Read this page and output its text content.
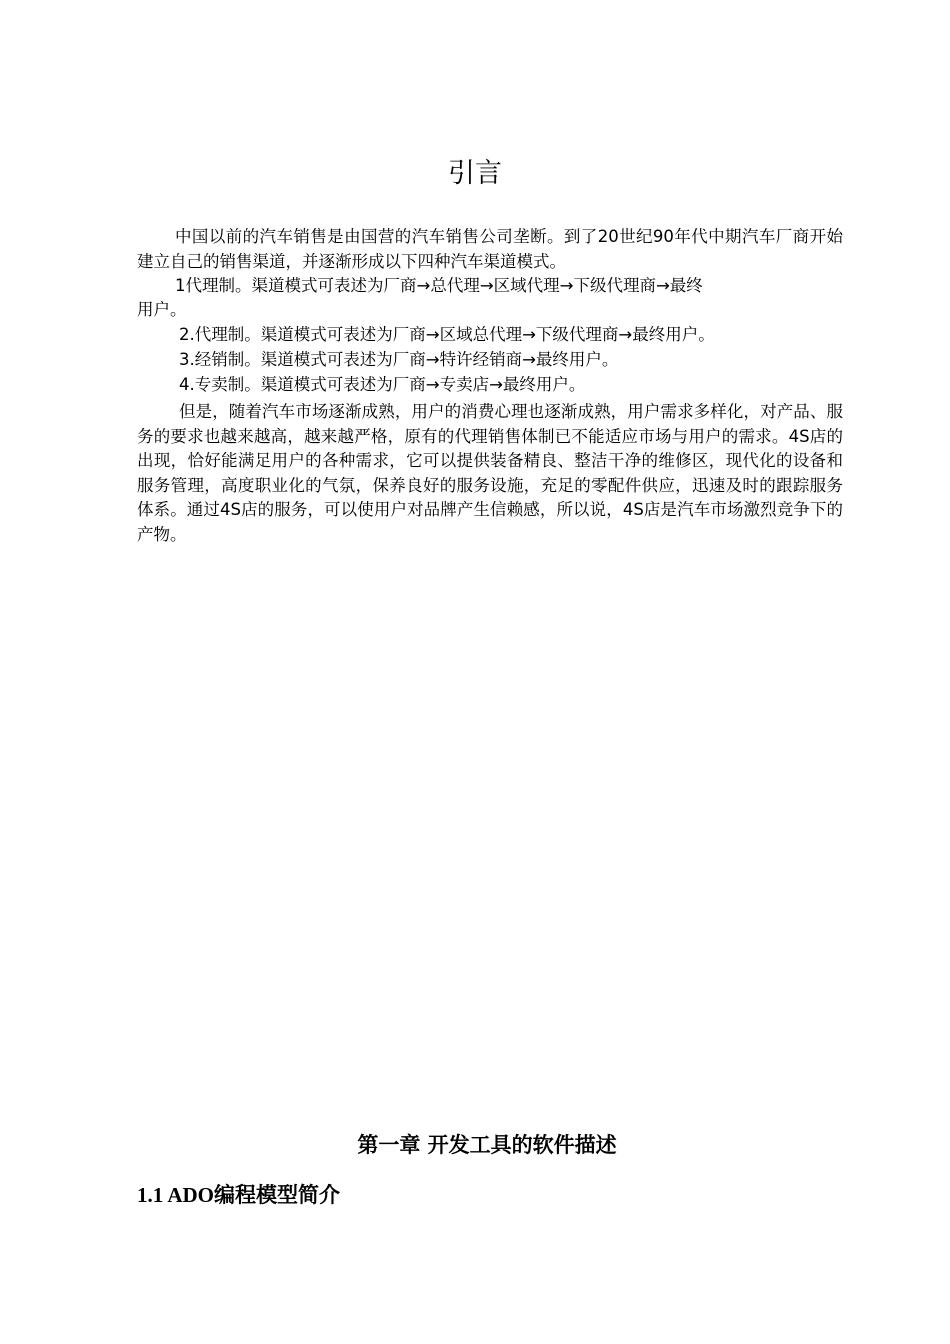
引言

中国以前的汽车销售是由国营的汽车销售公司垄断。到了20世纪90年代中期汽车厂商开始建立自己的销售渠道，并逐渐形成以下四种汽车渠道模式。

1代理制。渠道模式可表述为厂商→总代理→区域代理→下级代理商→最终

用户。

2.代理制。渠道模式可表述为厂商→区域总代理→下级代理商→最终用户。

3.经销制。渠道模式可表述为厂商→特许经销商→最终用户。

4.专卖制。渠道模式可表述为厂商→专卖店→最终用户。

但是，随着汽车市场逐渐成熟，用户的消费心理也逐渐成熟，用户需求多样化，对产品、服务的要求也越来越高，越来越严格，原有的代理销售体制已不能适应市场与用户的需求。4S店的出现，恰好能满足用户的各种需求，它可以提供装备精良、整洁干净的维修区，现代化的设备和服务管理，高度职业化的气氛，保养良好的服务设施，充足的零配件供应，迅速及时的跟踪服务体系。通过4S店的服务，可以使用户对品牌产生信赖感，所以说，4S店是汽车市场激烈竞争下的产物。

第一章 开发工具的软件描述
1.1 ADO编程模型简介
